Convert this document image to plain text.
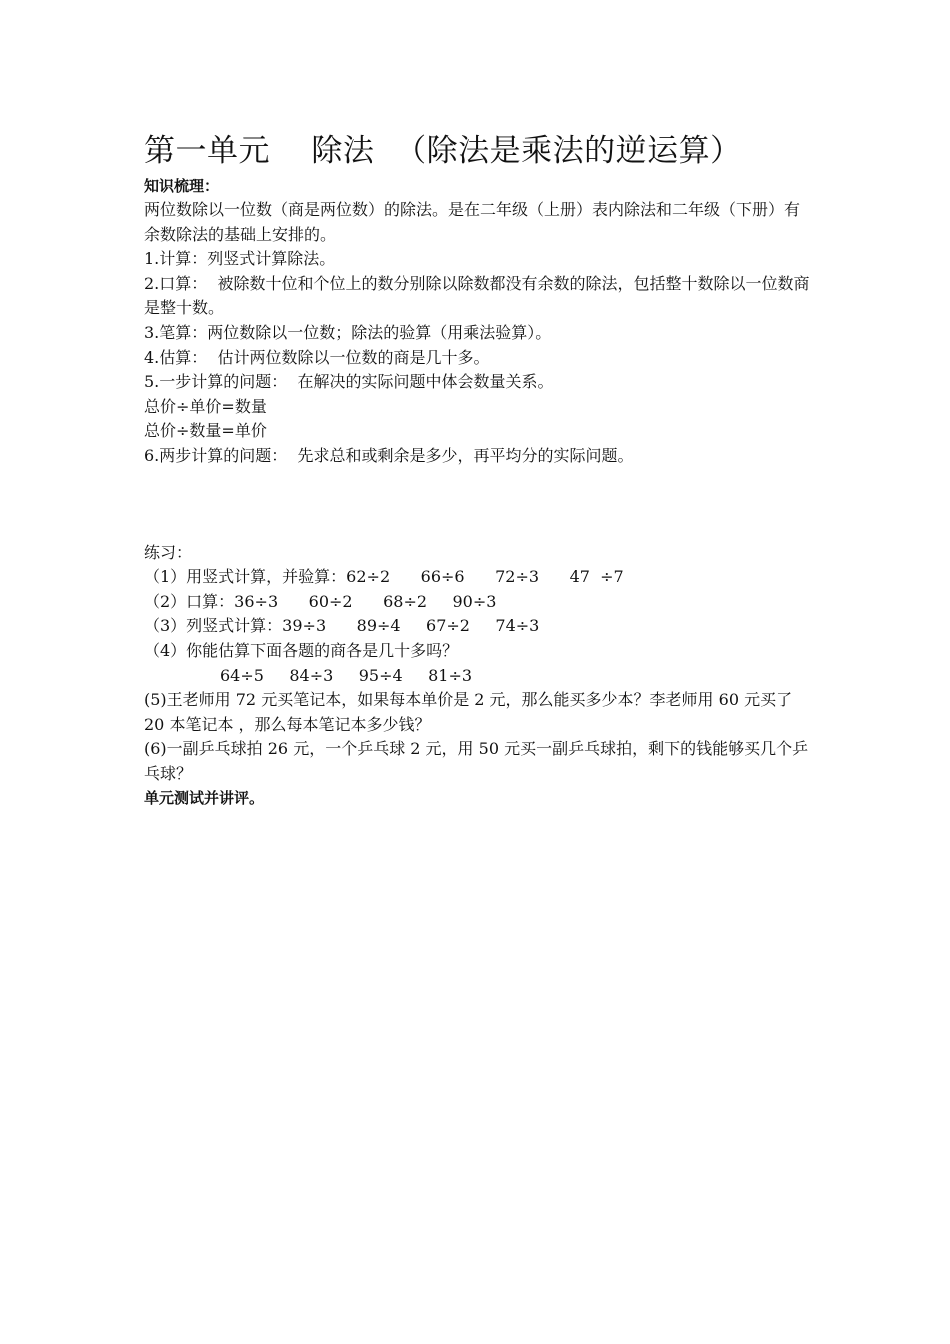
第一单元    除法  （除法是乘法的逆运算）

知识梳理：

两位数除以一位数（商是两位数）的除法。是在二年级（上册）表内除法和二年级（下册）有余数除法的基础上安排的。

1.计算：列竖式计算除法。

2.口算：  被除数十位和个位上的数分别除以除数都没有余数的除法，包括整十数除以一位数商是整十数。

3.笔算：两位数除以一位数；除法的验算（用乘法验算）。

4.估算：  估计两位数除以一位数的商是几十多。

5.一步计算的问题：  在解决的实际问题中体会数量关系。

总价÷单价=数量

总价÷数量=单价

6.两步计算的问题：  先求总和或剩余是多少，再平均分的实际问题。

练习：

（1）用竖式计算，并验算：62÷2      66÷6      72÷3      47  ÷7

（2）口算：36÷3      60÷2      68÷2     90÷3

（3）列竖式计算：39÷3      89÷4     67÷2     74÷3

（4）你能估算下面各题的商各是几十多吗？

64÷5     84÷3     95÷4     81÷3

(5)王老师用 72 元买笔记本，如果每本单价是 2 元，那么能买多少本？李老师用 60 元买了 20 本笔记本 ，那么每本笔记本多少钱？

(6)一副乒乓球拍 26 元，一个乒乓球 2 元，用 50 元买一副乒乓球拍，剩下的钱能够买几个乒乓球？

单元测试并讲评。
